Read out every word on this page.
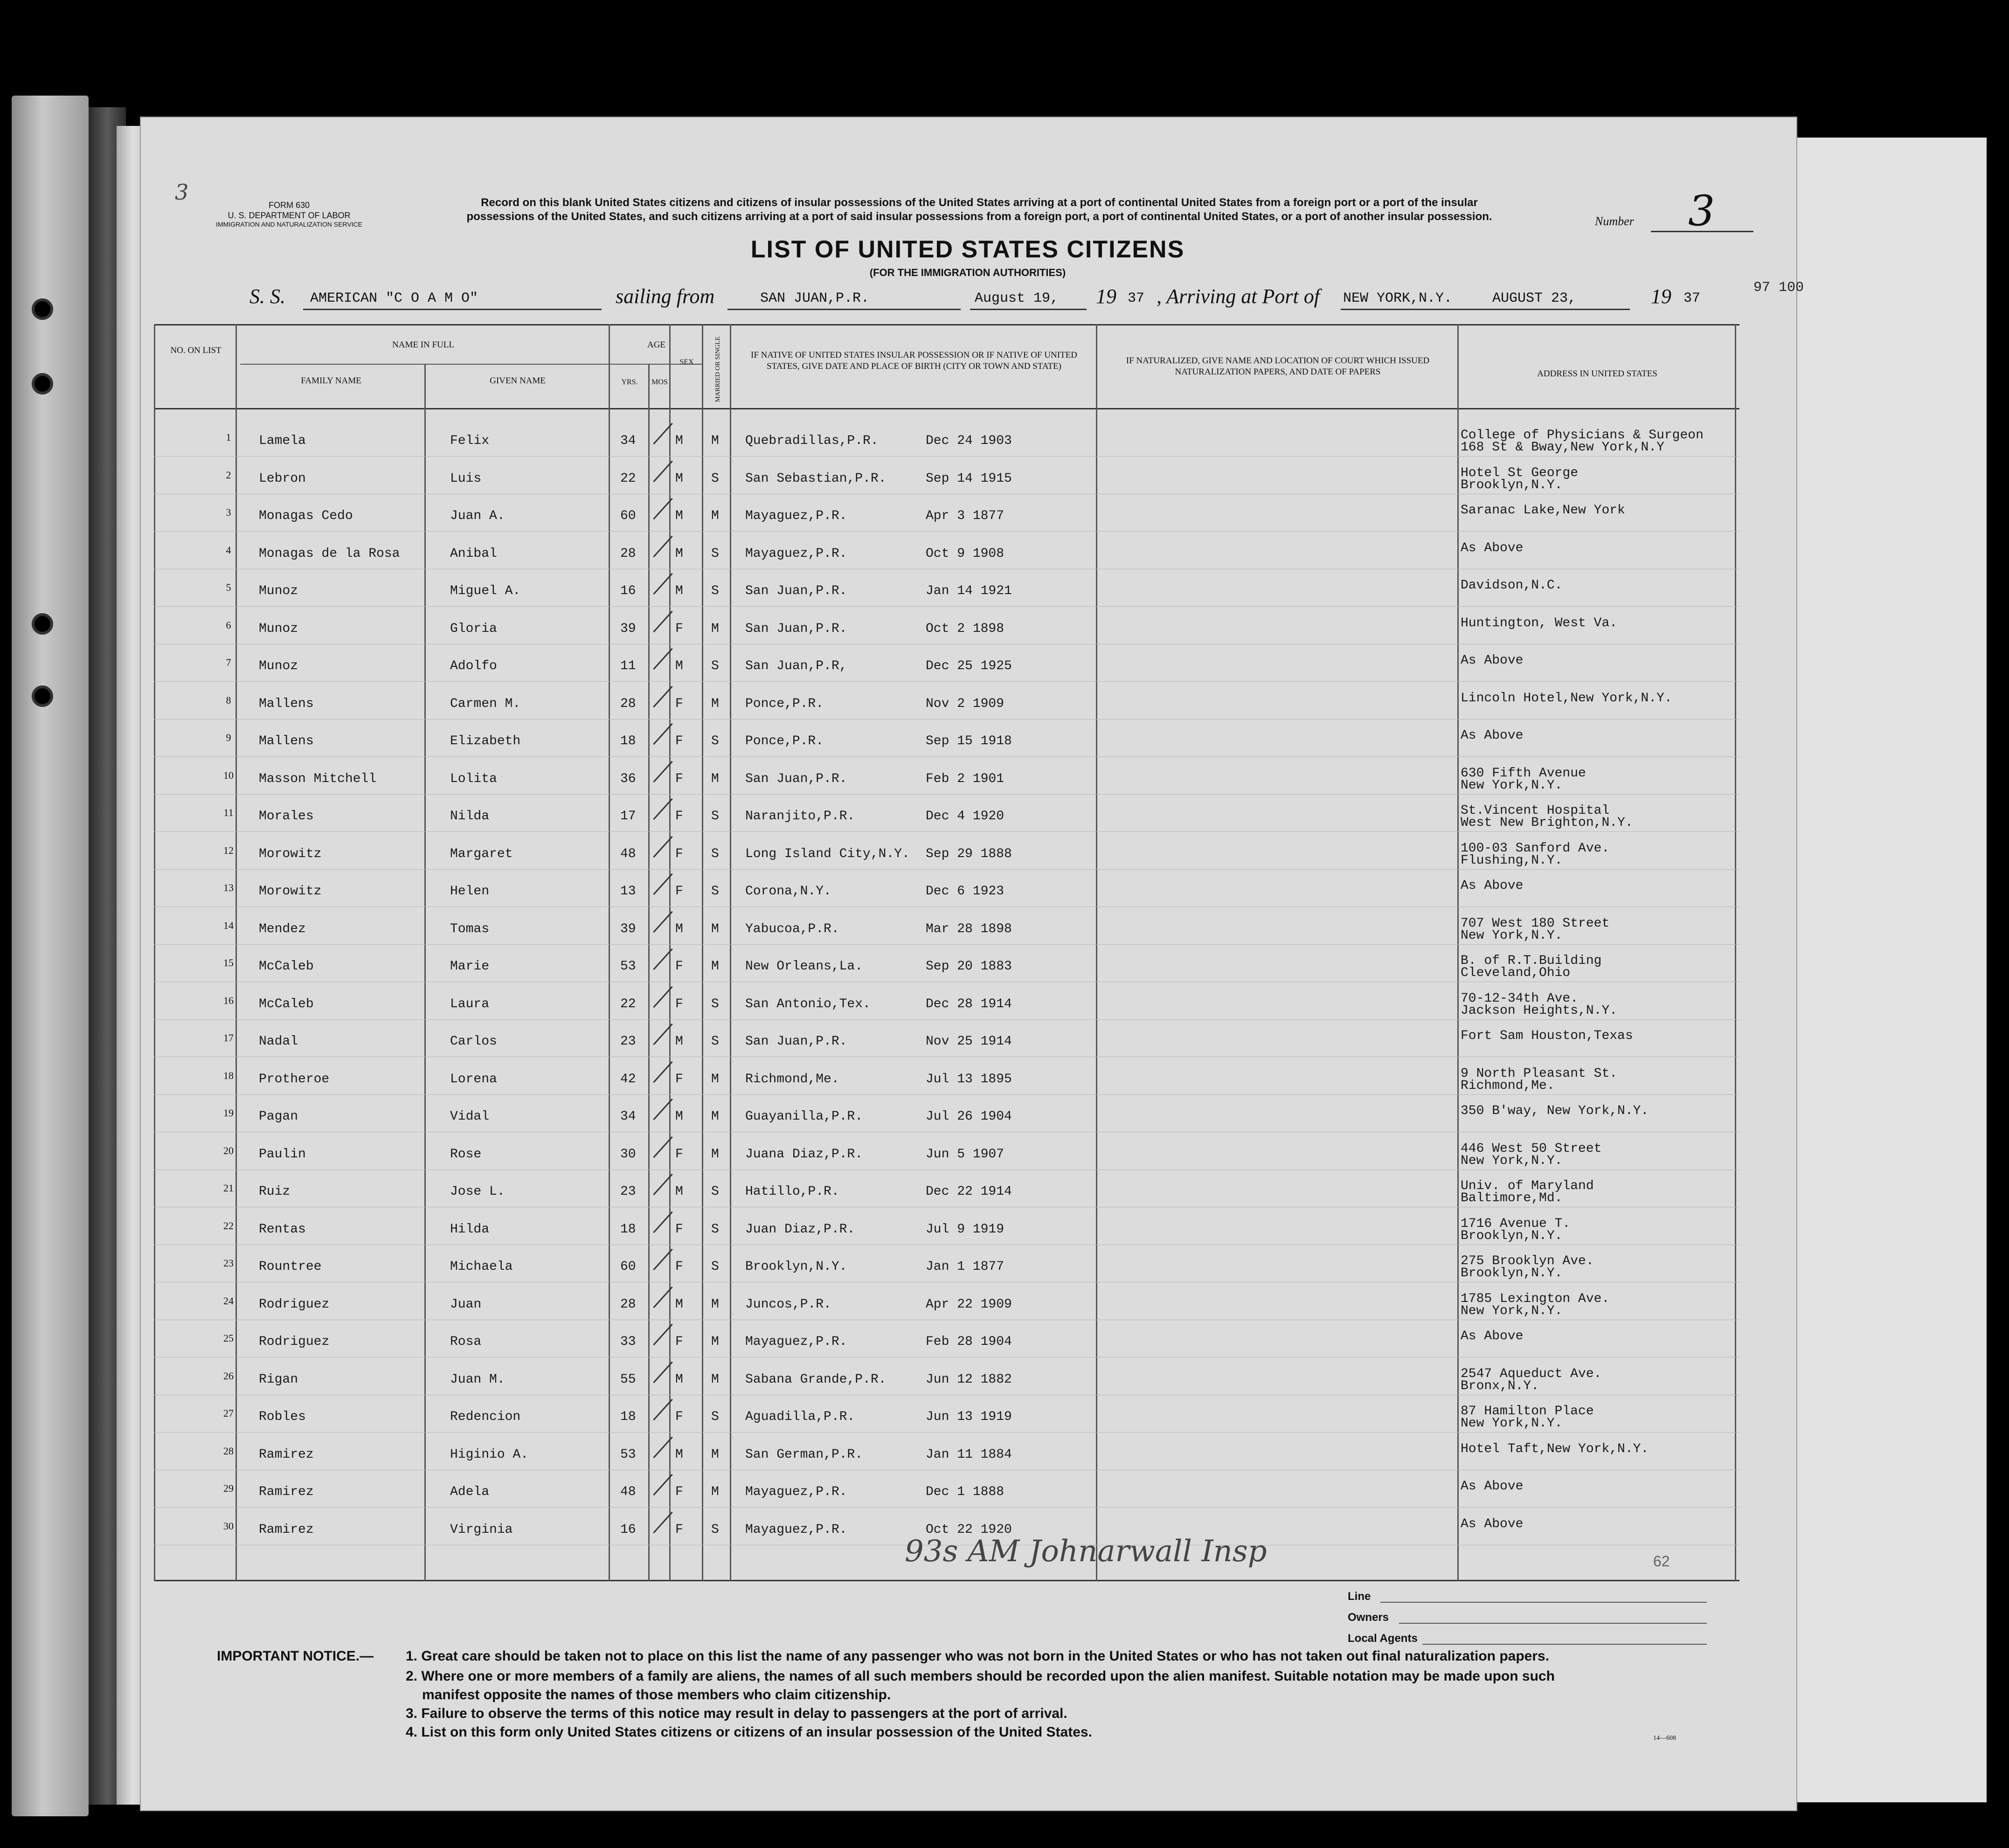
3
FORM 630
U. S. DEPARTMENT OF LABOR
IMMIGRATION AND NATURALIZATION SERVICE
Record on this blank United States citizens and citizens of insular possessions of the United States arriving at a port of continental United States from a foreign port or a port of the insular possessions of the United States, and such citizens arriving at a port of said insular possessions from a foreign port, a port of continental United States, or a port of another insular possession.	Number 3
LIST OF UNITED STATES CITIZENS
(FOR THE IMMIGRATION AUTHORITIES)
S. S. AMERICAN "C O A M O"	sailing from	SAN JUAN,P.R.	August 19, 19 37 , Arriving at Port of NEW YORK,N.Y.	AUGUST 23,	19 37
97 100
NO. ON LIST
NAME IN FULL
FAMILY NAME	GIVEN NAME
AGE
YRS.	MOS
SEX	MARRIED OR SINGLE	IF NATIVE OF UNITED STATES INSULAR POSSESSION OR IF NATIVE OF UNITED STATES, GIVE DATE AND PLACE OF BIRTH (CITY OR TOWN AND STATE)
IF NATURALIZED, GIVE NAME AND LOCATION OF COURT WHICH ISSUED NATURALIZATION PAPERS, AND DATE OF PAPERS	ADDRESS IN UNITED STATES
1	Lamela	Felix	34	M M Quebradillas,P.R.	Dec 24 1903	College of Physicians & Surgeon
168 St & Bway,New York,N.Y
2	Lebron	Luis	22	M S San Sebastian,P.R.	Sep 14 1915	Hotel St George
Brooklyn,N.Y.
3	Monagas Cedo	Juan A.	60	M M Mayaguez,P.R.	Apr 3 1877	Saranac Lake,New York
4	Monagas de la Rosa	Anibal	28	M S Mayaguez,P.R.	Oct 9 1908	As Above
5	Munoz	Miguel A.	16	M S San Juan,P.R.	Jan 14 1921	Davidson,N.C.
6	Munoz	Gloria	39	F M San Juan,P.R.	Oct 2 1898	Huntington, West Va.
7	Munoz	Adolfo	11	M S San Juan,P.R,	Dec 25 1925	As Above
8	Mallens	Carmen M.	28	F M Ponce,P.R.	Nov 2 1909	Lincoln Hotel,New York,N.Y.
9	Mallens	Elizabeth	18	F S Ponce,P.R.	Sep 15 1918	As Above
10	Masson Mitchell	Lolita	36	F M San Juan,P.R.	Feb 2 1901	630 Fifth Avenue
New York,N.Y.
11	Morales	Nilda	17	F S Naranjito,P.R.	Dec 4 1920	St.Vincent Hospital
West New Brighton,N.Y.
12	Morowitz	Margaret	48	F S Long Island City,N.Y. Sep 29 1888	100-03 Sanford Ave.
Flushing,N.Y.
13	Morowitz	Helen	13	F S Corona,N.Y.	Dec 6 1923	As Above
14	Mendez	Tomas	39	M M Yabucoa,P.R.	Mar 28 1898	707 West 180 Street
New York,N.Y.
15	McCaleb	Marie	53	F M New Orleans,La.	Sep 20 1883	B. of R.T.Building
Cleveland,Ohio
16	McCaleb	Laura	22	F S San Antonio,Tex.	Dec 28 1914	70-12-34th Ave.
Jackson Heights,N.Y.
17	Nadal	Carlos	23	M S San Juan,P.R.	Nov 25 1914	Fort Sam Houston,Texas
18	Protheroe	Lorena	42	F M Richmond,Me.	Jul 13 1895	9 North Pleasant St.
Richmond,Me.
19	Pagan	Vidal	34	M M Guayanilla,P.R.	Jul 26 1904	350 B'way, New York,N.Y.
20	Paulin	Rose	30	F M Juana Diaz,P.R.	Jun 5 1907	446 West 50 Street
New York,N.Y.
21	Ruiz	Jose L.	23	M S Hatillo,P.R.	Dec 22 1914	Univ. of Maryland
Baltimore,Md.
22	Rentas	Hilda	18	F S Juan Diaz,P.R.	Jul 9 1919	1716 Avenue T.
Brooklyn,N.Y.
23	Rountree	Michaela	60	F S Brooklyn,N.Y.	Jan 1 1877	275 Brooklyn Ave.
Brooklyn,N.Y.
24	Rodriguez	Juan	28	M M Juncos,P.R.	Apr 22 1909	1785 Lexington Ave.
New York,N.Y.
25	Rodriguez	Rosa	33	F M Mayaguez,P.R.	Feb 28 1904	As Above
26	Rigan	Juan M.	55	M M Sabana Grande,P.R.	Jun 12 1882	2547 Aqueduct Ave.
Bronx,N.Y.
27	Robles	Redencion	18	F S Aguadilla,P.R.	Jun 13 1919	87 Hamilton Place
New York,N.Y.
28	Ramirez	Higinio A.	53	M M San German,P.R.	Jan 11 1884	Hotel Taft,New York,N.Y.
29	Ramirez	Adela	48	F M Mayaguez,P.R.	Dec 1 1888	As Above
30	Ramirez	Virginia	16	F S Mayaguez,P.R.	Oct 22 1920	As Above
93s AM Johnarwall Insp	62
Line
Owners
Local Agents
IMPORTANT NOTICE.— 1. Great care should be taken not to place on this list the name of any passenger who was not born in the United States or who has not taken out final naturalization papers.
2. Where one or more members of a family are aliens, the names of all such members should be recorded upon the alien manifest. Suitable notation may be made upon such
manifest opposite the names of those members who claim citizenship.
3. Failure to observe the terms of this notice may result in delay to passengers at the port of arrival.
4. List on this form only United States citizens or citizens of an insular possession of the United States.	14—608
